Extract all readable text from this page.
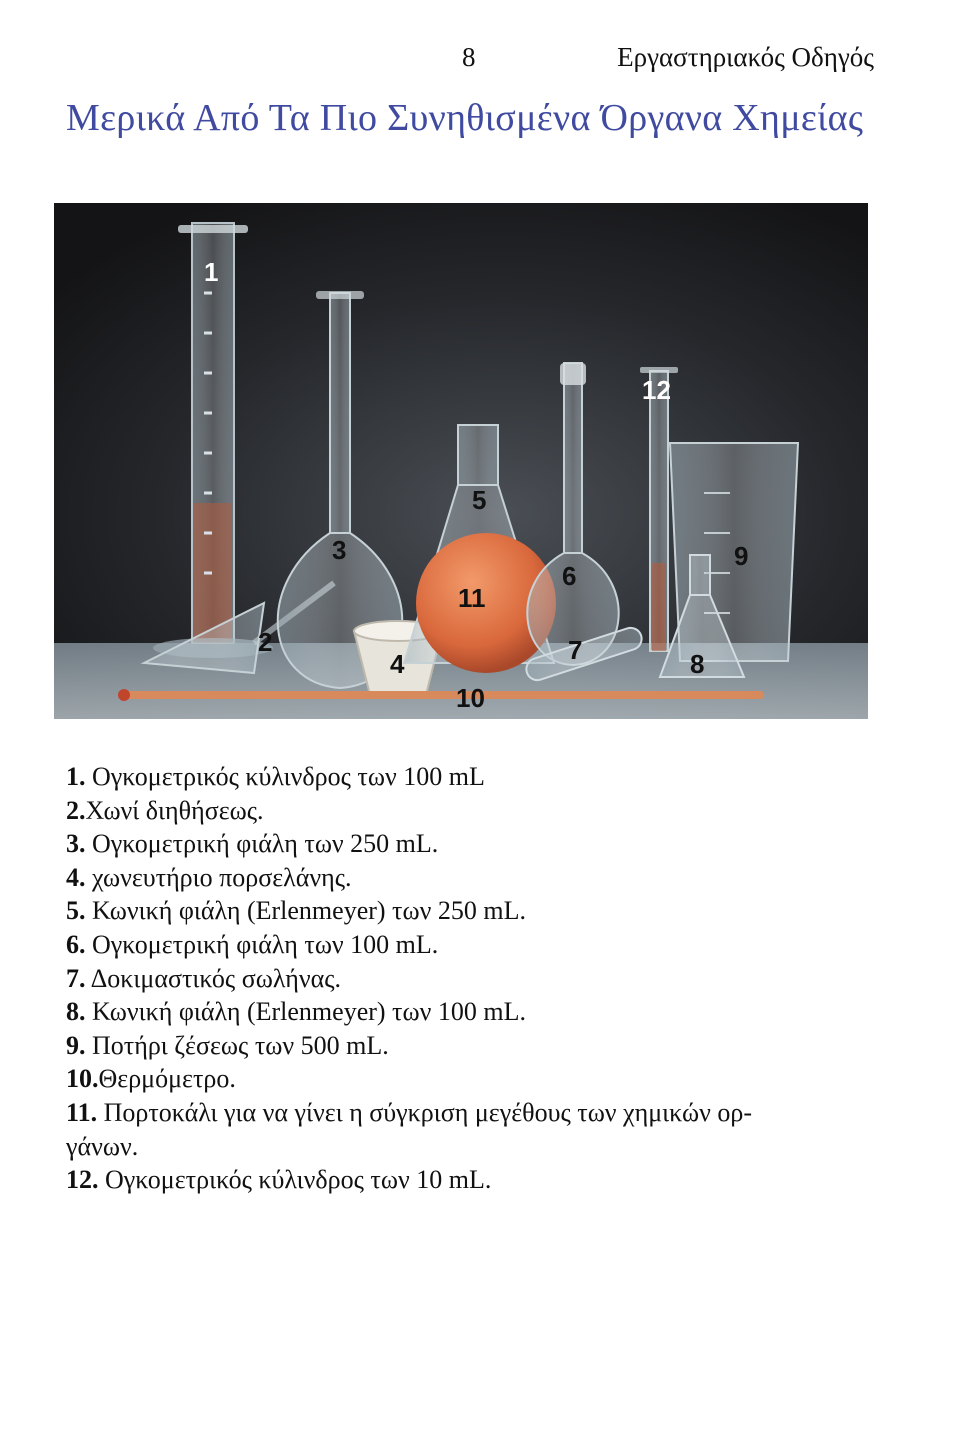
8	Εργαστηριακός Οδηγός
Μερικά Από Τα Πιο Συνηθισμένα Όργανα Χημείας
1
2
3
4
5
6
7	8
9
10
11
12
1. Ογκομετρικός κύλινδρος των 100 mL
2.Χωνί διηθήσεως.
3. Ογκομετρική φιάλη των 250 mL.
4. χωνευτήριο πορσελάνης.
5. Κωνική φιάλη (Erlenmeyer) των 250 mL.
6. Ογκομετρική φιάλη των 100 mL.
7. Δοκιμαστικός σωλήνας.
8. Κωνική φιάλη (Erlenmeyer) των 100 mL.
9. Ποτήρι ζέσεως των 500 mL.
10.Θερμόμετρο.
11. Πορτοκάλι για να γίνει η σύγκριση μεγέθους των χημικών ορ-
γάνων.
12. Ογκομετρικός κύλινδρος των 10 mL.
